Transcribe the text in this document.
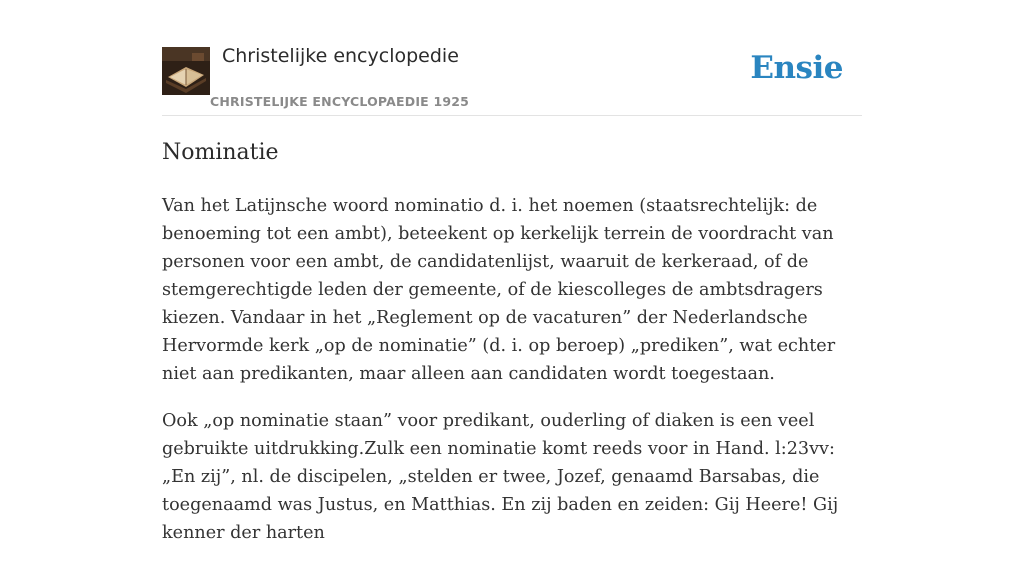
Christelijke encyclopedie
CHRISTELIJKE ENCYCLOPAEDIE 1925
Ensie
Nominatie

Van het Latijnsche woord nominatio d. i. het noemen (staatsrechtelijk: de benoeming tot een ambt), beteekent op kerkelijk terrein de voordracht van personen voor een ambt, de candidatenlijst, waaruit de kerkeraad, of de stemgerechtigde leden der gemeente, of de kiescolleges de ambtsdragers kiezen. Vandaar in het „Reglement op de vacaturen” der Nederlandsche Hervormde kerk „op de nominatie” (d. i. op beroep) „prediken”, wat echter niet aan predikanten, maar alleen aan candidaten wordt toegestaan.

Ook „op nominatie staan” voor predikant, ouderling of diaken is een veel gebruikte uitdrukking.Zulk een nominatie komt reeds voor in Hand. l:23vv: „En zij”, nl. de discipelen, „stelden er twee, Jozef, genaamd Barsabas, die toegenaamd was Justus, en Matthias. En zij baden en zeiden: Gij Heere! Gij kenner der harten
